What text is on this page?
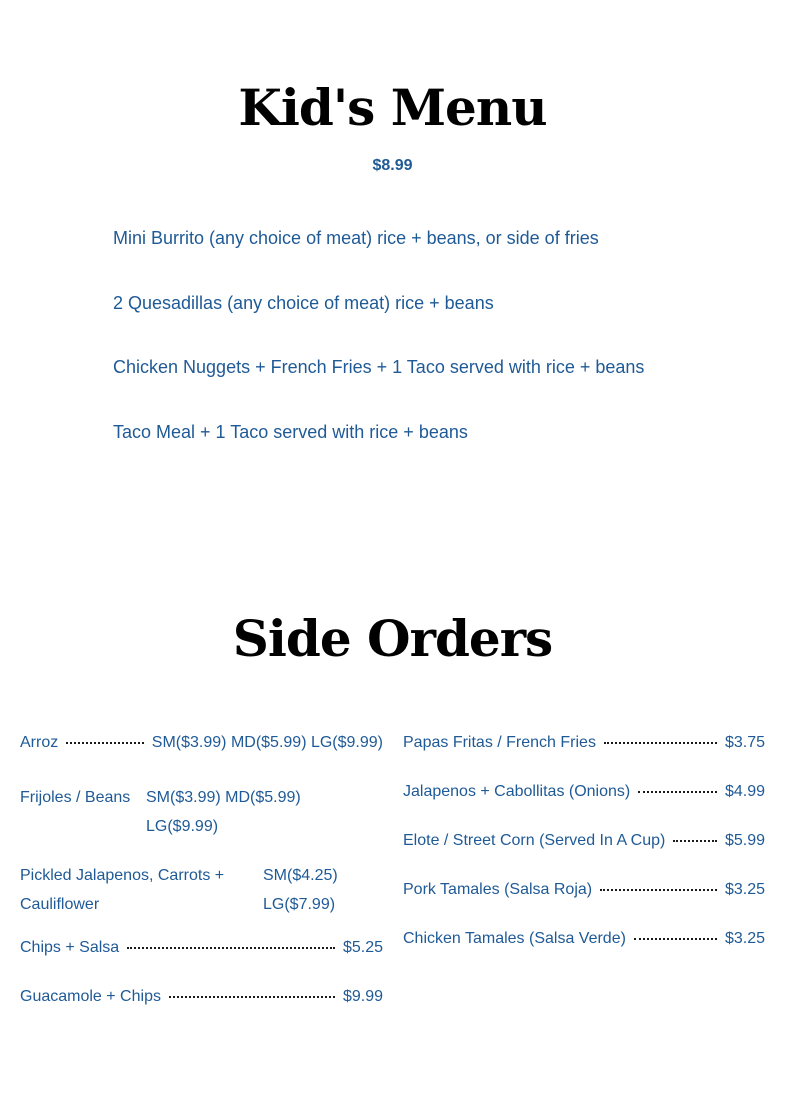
Kid's Menu
$8.99
Mini Burrito (any choice of meat) rice + beans, or side of fries
2 Quesadillas (any choice of meat) rice + beans
Chicken Nuggets + French Fries + 1 Taco served with rice + beans
Taco Meal + 1 Taco served with rice + beans
Side Orders
Arroz	SM($3.99) MD($5.99) LG($9.99)
Frijoles / Beans SM($3.99) MD($5.99) LG($9.99)
Pickled Jalapenos, Carrots + Cauliflower
SM($4.25) LG($7.99)
Chips + Salsa	$5.25
Guacamole + Chips	$9.99
Papas Fritas / French Fries	$3.75
Jalapenos + Cabollitas (Onions)	$4.99
Elote / Street Corn (Served In A Cup)	$5.99
Pork Tamales (Salsa Roja)	$3.25
Chicken Tamales (Salsa Verde)	$3.25
